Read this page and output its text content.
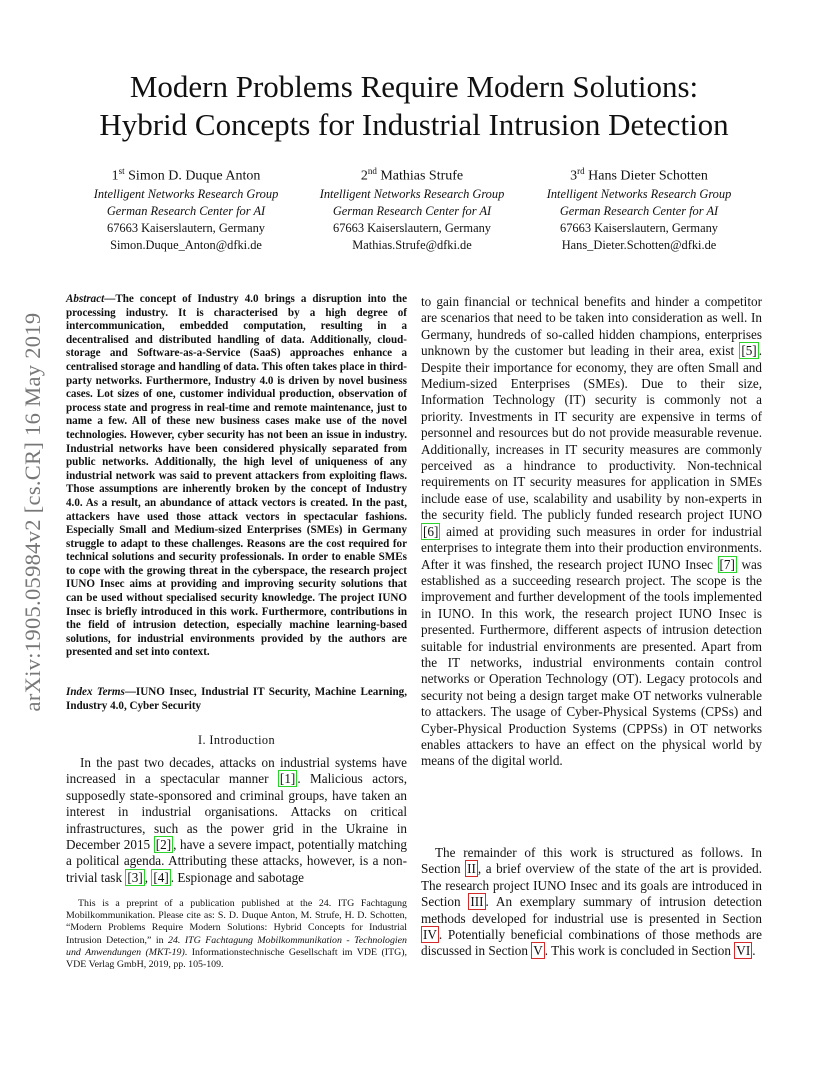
arXiv:1905.05984v2 [cs.CR] 16 May 2019
Modern Problems Require Modern Solutions:
Hybrid Concepts for Industrial Intrusion Detection
1st Simon D. Duque Anton
Intelligent Networks Research Group
German Research Center for AI
67663 Kaiserslautern, Germany
Simon.Duque_Anton@dfki.de
2nd Mathias Strufe
Intelligent Networks Research Group
German Research Center for AI
67663 Kaiserslautern, Germany
Mathias.Strufe@dfki.de
3rd Hans Dieter Schotten
Intelligent Networks Research Group
German Research Center for AI
67663 Kaiserslautern, Germany
Hans_Dieter.Schotten@dfki.de
Abstract—The concept of Industry 4.0 brings a disruption into the processing industry. It is characterised by a high degree of intercommunication, embedded computation, resulting in a decentralised and distributed handling of data. Additionally, cloud-storage and Software-as-a-Service (SaaS) approaches enhance a centralised storage and handling of data. This often takes place in third-party networks. Furthermore, Industry 4.0 is driven by novel business cases. Lot sizes of one, customer individual production, observation of process state and progress in real-time and remote maintenance, just to name a few. All of these new business cases make use of the novel technologies. However, cyber security has not been an issue in industry. Industrial networks have been considered physically separated from public networks. Additionally, the high level of uniqueness of any industrial network was said to prevent attackers from exploiting flaws. Those assumptions are inherently broken by the concept of Industry 4.0. As a result, an abundance of attack vectors is created. In the past, attackers have used those attack vectors in spectacular fashions. Especially Small and Medium-sized Enterprises (SMEs) in Germany struggle to adapt to these challenges. Reasons are the cost required for technical solutions and security professionals. In order to enable SMEs to cope with the growing threat in the cyberspace, the research project IUNO Insec aims at providing and improving security solutions that can be used without specialised security knowledge. The project IUNO Insec is briefly introduced in this work. Furthermore, contributions in the field of intrusion detection, especially machine learning-based solutions, for industrial environments provided by the authors are presented and set into context.
Index Terms—IUNO Insec, Industrial IT Security, Machine Learning, Industry 4.0, Cyber Security
I. Introduction
In the past two decades, attacks on industrial systems have increased in a spectacular manner [1] . Malicious actors, supposedly state-sponsored and criminal groups, have taken an interest in industrial organisations. Attacks on critical infrastructures, such as the power grid in the Ukraine in December 2015 [2] , have a severe impact, potentially matching a political agenda. Attributing these attacks, however, is a non-trivial task [3] , [4] . Espionage and sabotage
This is a preprint of a publication published at the 24. ITG Fachtagung Mobilkommunikation. Please cite as: S. D. Duque Anton, M. Strufe, H. D. Schotten, “Modern Problems Require Modern Solutions: Hybrid Concepts for Industrial Intrusion Detection,” in 24. ITG Fachtagung Mobilkommunikation - Technologien und Anwendungen (MKT-19). Informationstechnische Gesellschaft im VDE (ITG), VDE Verlag GmbH, 2019, pp. 105-109.
to gain financial or technical benefits and hinder a competitor are scenarios that need to be taken into consideration as well. In Germany, hundreds of so-called hidden champions, enterprises unknown by the customer but leading in their area, exist [5] . Despite their importance for economy, they are often Small and Medium-sized Enterprises (SMEs). Due to their size, Information Technology (IT) security is commonly not a priority. Investments in IT security are expensive in terms of personnel and resources but do not provide measurable revenue. Additionally, increases in IT security measures are commonly perceived as a hindrance to productivity. Non-technical requirements on IT security measures for application in SMEs include ease of use, scalability and usability by non-experts in the security field. The publicly funded research project IUNO [6] aimed at providing such measures in order for industrial enterprises to integrate them into their production environments. After it was finshed, the research project IUNO Insec [7] was established as a succeeding research project. The scope is the improvement and further development of the tools implemented in IUNO. In this work, the research project IUNO Insec is presented. Furthermore, different aspects of intrusion detection suitable for industrial environments are presented. Apart from the IT networks, industrial environments contain control networks or Operation Technology (OT). Legacy protocols and security not being a design target make OT networks vulnerable to attackers. The usage of Cyber-Physical Systems (CPSs) and Cyber-Physical Production Systems (CPPSs) in OT networks enables attackers to have an effect on the physical world by means of the digital world.
The remainder of this work is structured as follows. In Section II , a brief overview of the state of the art is provided. The research project IUNO Insec and its goals are introduced in Section III . An exemplary summary of intrusion detection methods developed for industrial use is presented in Section IV . Potentially beneficial combinations of those methods are discussed in Section V . This work is concluded in Section VI .
